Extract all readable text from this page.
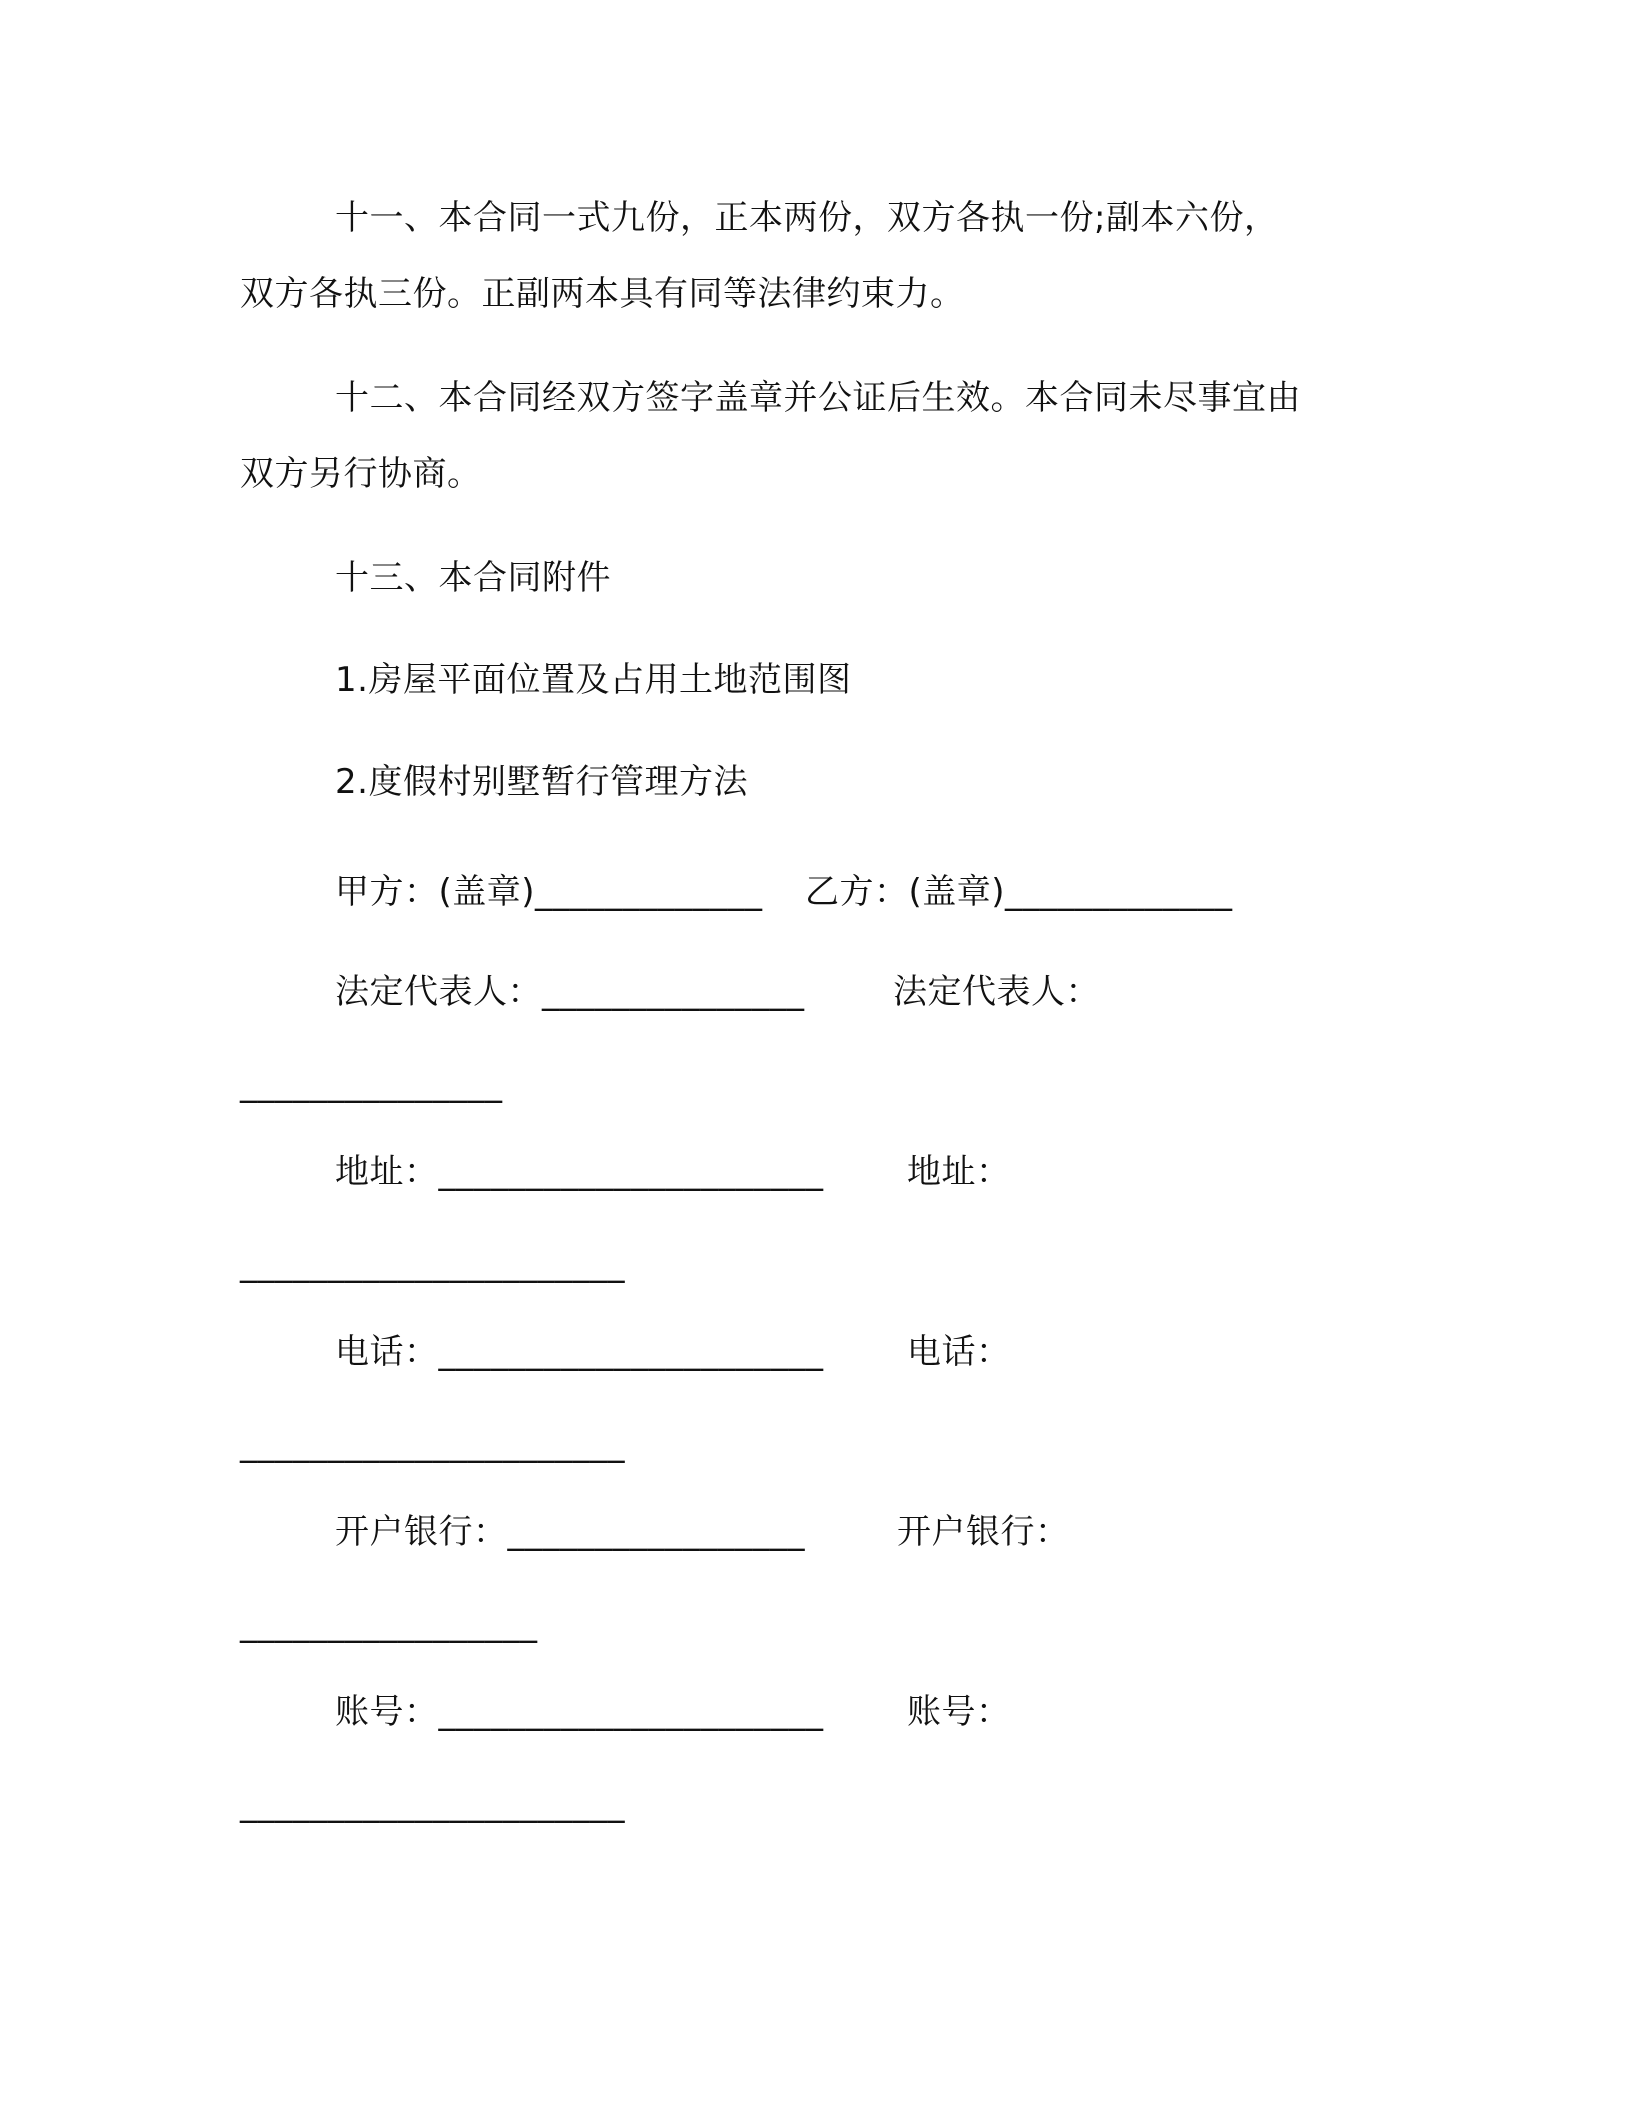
十一、本合同一式九份，正本两份，双方各执一份;副本六份，
双方各执三份。正副两本具有同等法律约束力。
十二、本合同经双方签字盖章并公证后生效。本合同未尽事宜由
双方另行协商。
十三、本合同附件
1.房屋平面位置及占用土地范围图
2.度假村别墅暂行管理方法
甲方：(盖章)_____________ 乙方：(盖章)_____________
法定代表人：_______________	法定代表人：
_______________
地址：______________________ 地址：
______________________
电话：______________________ 电话：
______________________
开户银行：_________________	开户银行：
_________________
账号：______________________ 账号：
______________________
